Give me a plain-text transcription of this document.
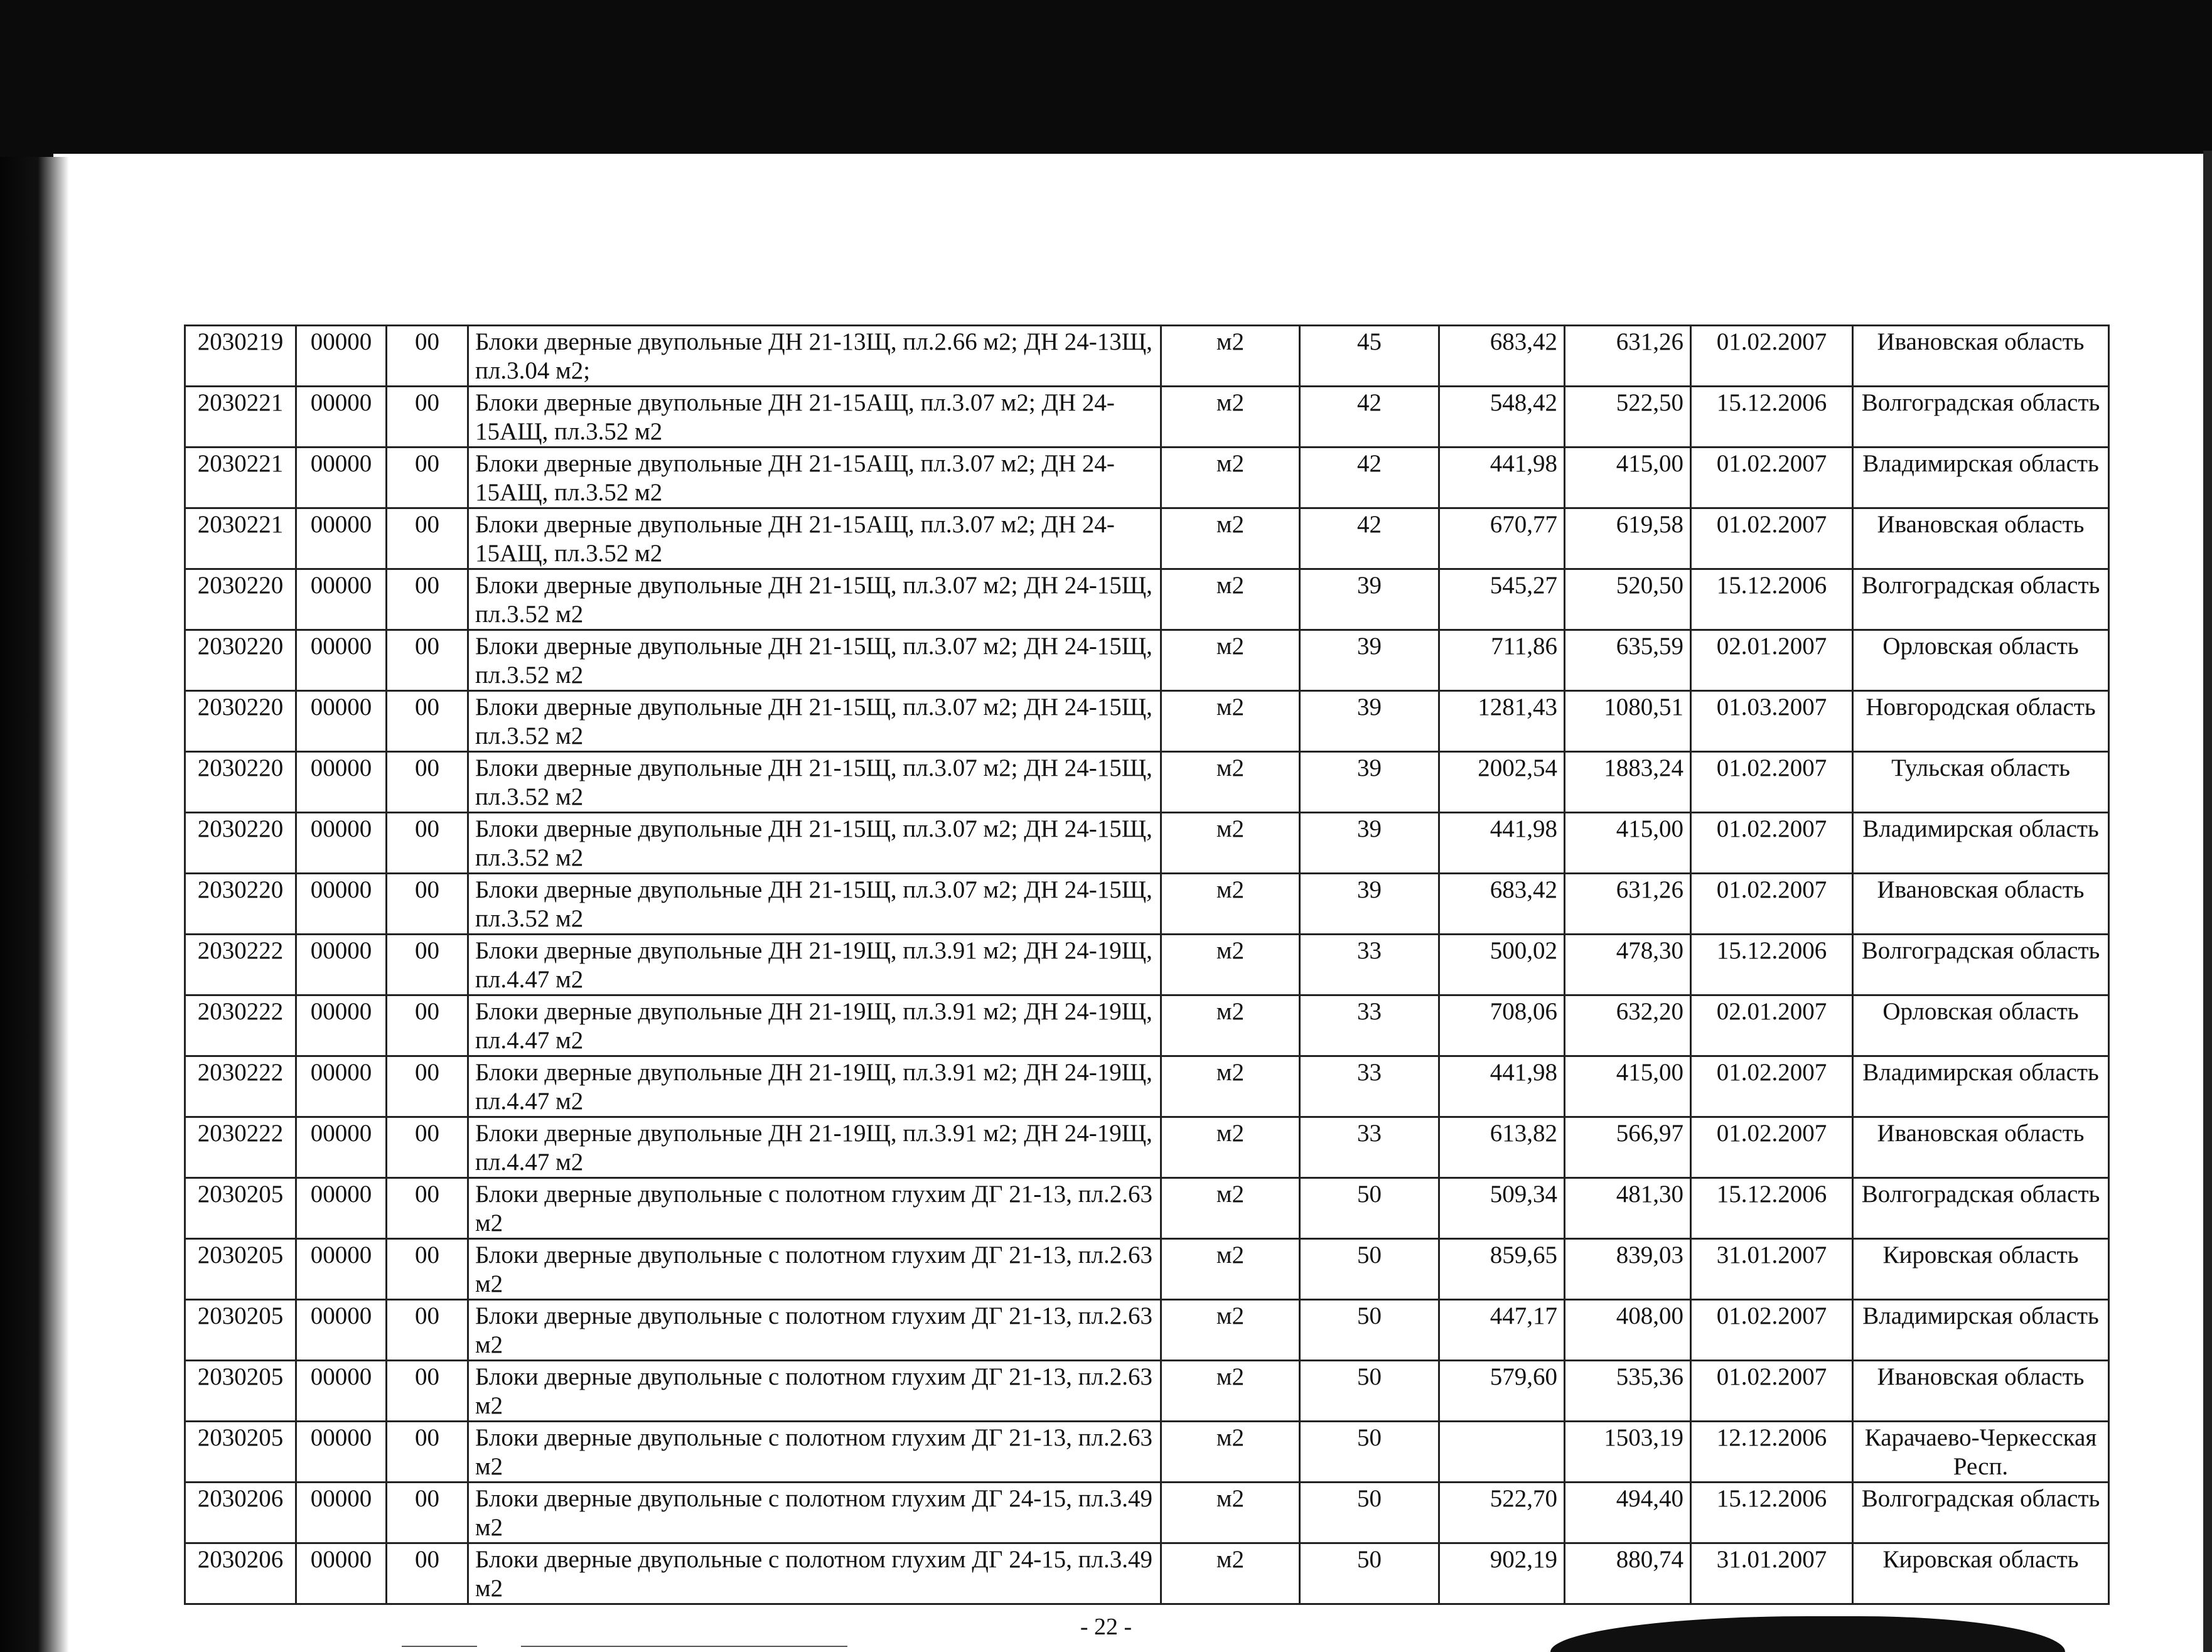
2030219	00000	00	Блоки дверные двупольные ДН 21-13Щ, пл.2.66 м2; ДН 24-13Щ, пл.3.04 м2;	м2	45	683,42	631,26	01.02.2007	Ивановская область
2030221	00000	00	Блоки дверные двупольные ДН 21-15АЩ, пл.3.07 м2; ДН 24-15АЩ, пл.3.52 м2	м2	42	548,42	522,50	15.12.2006	Волгоградская область
2030221	00000	00	Блоки дверные двупольные ДН 21-15АЩ, пл.3.07 м2; ДН 24-15АЩ, пл.3.52 м2	м2	42	441,98	415,00	01.02.2007	Владимирская область
2030221	00000	00	Блоки дверные двупольные ДН 21-15АЩ, пл.3.07 м2; ДН 24-15АЩ, пл.3.52 м2	м2	42	670,77	619,58	01.02.2007	Ивановская область
2030220	00000	00	Блоки дверные двупольные ДН 21-15Щ, пл.3.07 м2; ДН 24-15Щ, пл.3.52 м2	м2	39	545,27	520,50	15.12.2006	Волгоградская область
2030220	00000	00	Блоки дверные двупольные ДН 21-15Щ, пл.3.07 м2; ДН 24-15Щ, пл.3.52 м2	м2	39	711,86	635,59	02.01.2007	Орловская область
2030220	00000	00	Блоки дверные двупольные ДН 21-15Щ, пл.3.07 м2; ДН 24-15Щ, пл.3.52 м2	м2	39	1281,43	1080,51	01.03.2007	Новгородская область
2030220	00000	00	Блоки дверные двупольные ДН 21-15Щ, пл.3.07 м2; ДН 24-15Щ, пл.3.52 м2	м2	39	2002,54	1883,24	01.02.2007	Тульская область
2030220	00000	00	Блоки дверные двупольные ДН 21-15Щ, пл.3.07 м2; ДН 24-15Щ, пл.3.52 м2	м2	39	441,98	415,00	01.02.2007	Владимирская область
2030220	00000	00	Блоки дверные двупольные ДН 21-15Щ, пл.3.07 м2; ДН 24-15Щ, пл.3.52 м2	м2	39	683,42	631,26	01.02.2007	Ивановская область
2030222	00000	00	Блоки дверные двупольные ДН 21-19Щ, пл.3.91 м2; ДН 24-19Щ, пл.4.47 м2	м2	33	500,02	478,30	15.12.2006	Волгоградская область
2030222	00000	00	Блоки дверные двупольные ДН 21-19Щ, пл.3.91 м2; ДН 24-19Щ, пл.4.47 м2	м2	33	708,06	632,20	02.01.2007	Орловская область
2030222	00000	00	Блоки дверные двупольные ДН 21-19Щ, пл.3.91 м2; ДН 24-19Щ, пл.4.47 м2	м2	33	441,98	415,00	01.02.2007	Владимирская область
2030222	00000	00	Блоки дверные двупольные ДН 21-19Щ, пл.3.91 м2; ДН 24-19Щ, пл.4.47 м2	м2	33	613,82	566,97	01.02.2007	Ивановская область
2030205	00000	00	Блоки дверные двупольные с полотном глухим ДГ 21-13, пл.2.63 м2	м2	50	509,34	481,30	15.12.2006	Волгоградская область
2030205	00000	00	Блоки дверные двупольные с полотном глухим ДГ 21-13, пл.2.63 м2	м2	50	859,65	839,03	31.01.2007	Кировская область
2030205	00000	00	Блоки дверные двупольные с полотном глухим ДГ 21-13, пл.2.63 м2	м2	50	447,17	408,00	01.02.2007	Владимирская область
2030205	00000	00	Блоки дверные двупольные с полотном глухим ДГ 21-13, пл.2.63 м2	м2	50	579,60	535,36	01.02.2007	Ивановская область
2030205	00000	00	Блоки дверные двупольные с полотном глухим ДГ 21-13, пл.2.63 м2	м2	50		1503,19	12.12.2006	Карачаево-Черкесская Респ.
2030206	00000	00	Блоки дверные двупольные с полотном глухим ДГ 24-15, пл.3.49 м2	м2	50	522,70	494,40	15.12.2006	Волгоградская область
2030206	00000	00	Блоки дверные двупольные с полотном глухим ДГ 24-15, пл.3.49 м2	м2	50	902,19	880,74	31.01.2007	Кировская область
- 22 -
